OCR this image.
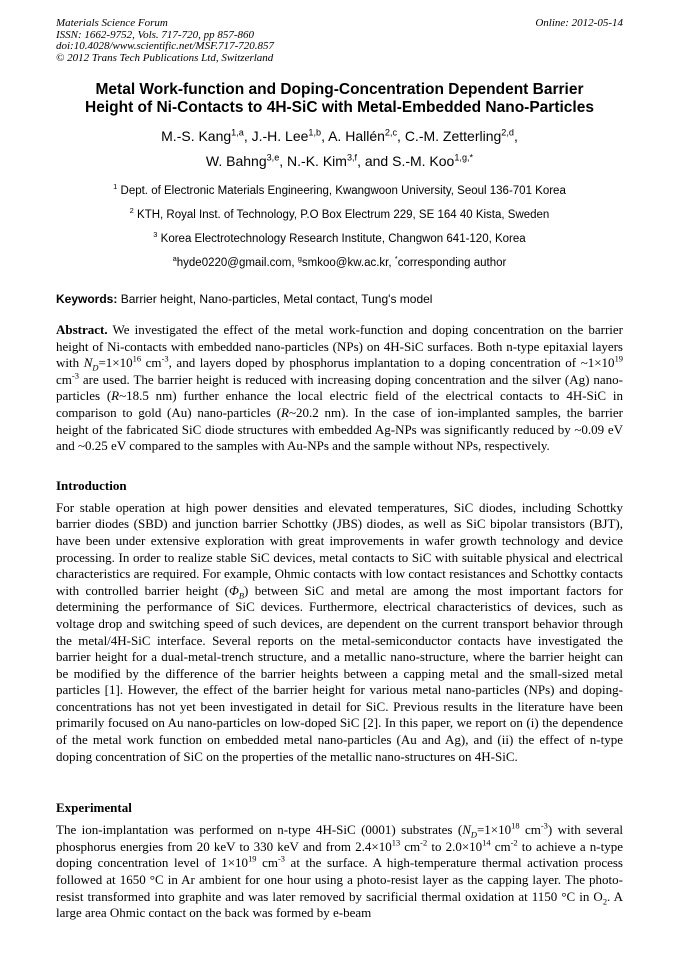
Materials Science Forum
ISSN: 1662-9752, Vols. 717-720, pp 857-860
doi:10.4028/www.scientific.net/MSF.717-720.857
© 2012 Trans Tech Publications Ltd, Switzerland
Online: 2012-05-14
Metal Work-function and Doping-Concentration Dependent Barrier
Height of Ni-Contacts to 4H-SiC with Metal-Embedded Nano-Particles
M.-S. Kang$^{1,a}$, J.-H. Lee$^{1,b}$, A. Hallén$^{2,c}$, C.-M. Zetterling$^{2,d}$,
W. Bahng$^{3,e}$, N.-K. Kim$^{3,f}$, and S.-M. Koo$^{1,g,*}$
$^1$ Dept. of Electronic Materials Engineering, Kwangwoon University, Seoul 136-701 Korea
$^2$ KTH, Royal Inst. of Technology, P.O Box Electrum 229, SE 164 40 Kista, Sweden
$^3$ Korea Electrotechnology Research Institute, Changwon 641-120, Korea
$^a$hyde0220@gmail.com, $^g$smkoo@kw.ac.kr, *corresponding author
Keywords: Barrier height, Nano-particles, Metal contact, Tung's model

Abstract. We investigated the effect of the metal work-function and doping concentration on the barrier height of Ni-contacts with embedded nano-particles (NPs) on 4H-SiC surfaces. Both n-type epitaxial layers with $N_D=1\times 10^{16}$ $cm^{-3}$, and layers doped by phosphorus implantation to a doping concentration of $\sim 1\times 10^{19}$ $cm^{-3}$ are used. The barrier height is reduced with increasing doping concentration and the silver (Ag) nano-particles (R~18.5 nm) further enhance the local electric field of the electrical contacts to 4H-SiC in comparison to gold (Au) nano-particles (R~20.2 nm). In the case of ion-implanted samples, the barrier height of the fabricated SiC diode structures with embedded Ag-NPs was significantly reduced by ~0.09 eV and ~0.25 eV compared to the samples with Au-NPs and the sample without NPs, respectively.

Introduction

For stable operation at high power densities and elevated temperatures, SiC diodes, including Schottky barrier diodes (SBD) and junction barrier Schottky (JBS) diodes, as well as SiC bipolar transistors (BJT), have been under extensive exploration with great improvements in wafer growth technology and device processing. In order to realize stable SiC devices, metal contacts to SiC with suitable physical and electrical characteristics are required. For example, Ohmic contacts with low contact resistances and Schottky contacts with controlled barrier height $(\Phi_B)$ between SiC and metal are among the most important factors for determining the performance of SiC devices. Furthermore, electrical characteristics of devices, such as voltage drop and switching speed of such devices, are dependent on the current transport behavior through the metal/4H-SiC interface. Several reports on the metal-semiconductor contacts have investigated the barrier height for a dual-metal-trench structure, and a metallic nano-structure, where the barrier height can be modified by the difference of the barrier heights between a capping metal and the small-sized metal particles [1]. However, the effect of the barrier height for various metal nano-particles (NPs) and doping-concentrations has not yet been investigated in detail for SiC. Previous results in the literature have been primarily focused on Au nano-particles on low-doped SiC [2]. In this paper, we report on (i) the dependence of the metal work function on embedded metal nano-particles (Au and Ag), and (ii) the effect of n-type doping concentration of SiC on the properties of the metallic nano-structures on 4H-SiC.

Experimental

The ion-implantation was performed on n-type 4H-SiC (0001) substrates ($N_D=1\times 10^{18}$ $cm^{-3}$) with several phosphorus energies from 20 keV to 330 keV and from $2.4\times 10^{13}$ $cm^{-2}$ to $2.0\times 10^{14}$ $cm^{-2}$ to achieve a n-type doping concentration level of $1\times 10^{19}$ $cm^{-3}$ at the surface. A high-temperature thermal activation process followed at 1650 °C in Ar ambient for one hour using a photo-resist layer as the capping layer. The photo-resist transformed into graphite and was later removed by sacrificial thermal oxidation at 1150 °C in $O_2$. A large area Ohmic contact on the back was formed by e-beam
